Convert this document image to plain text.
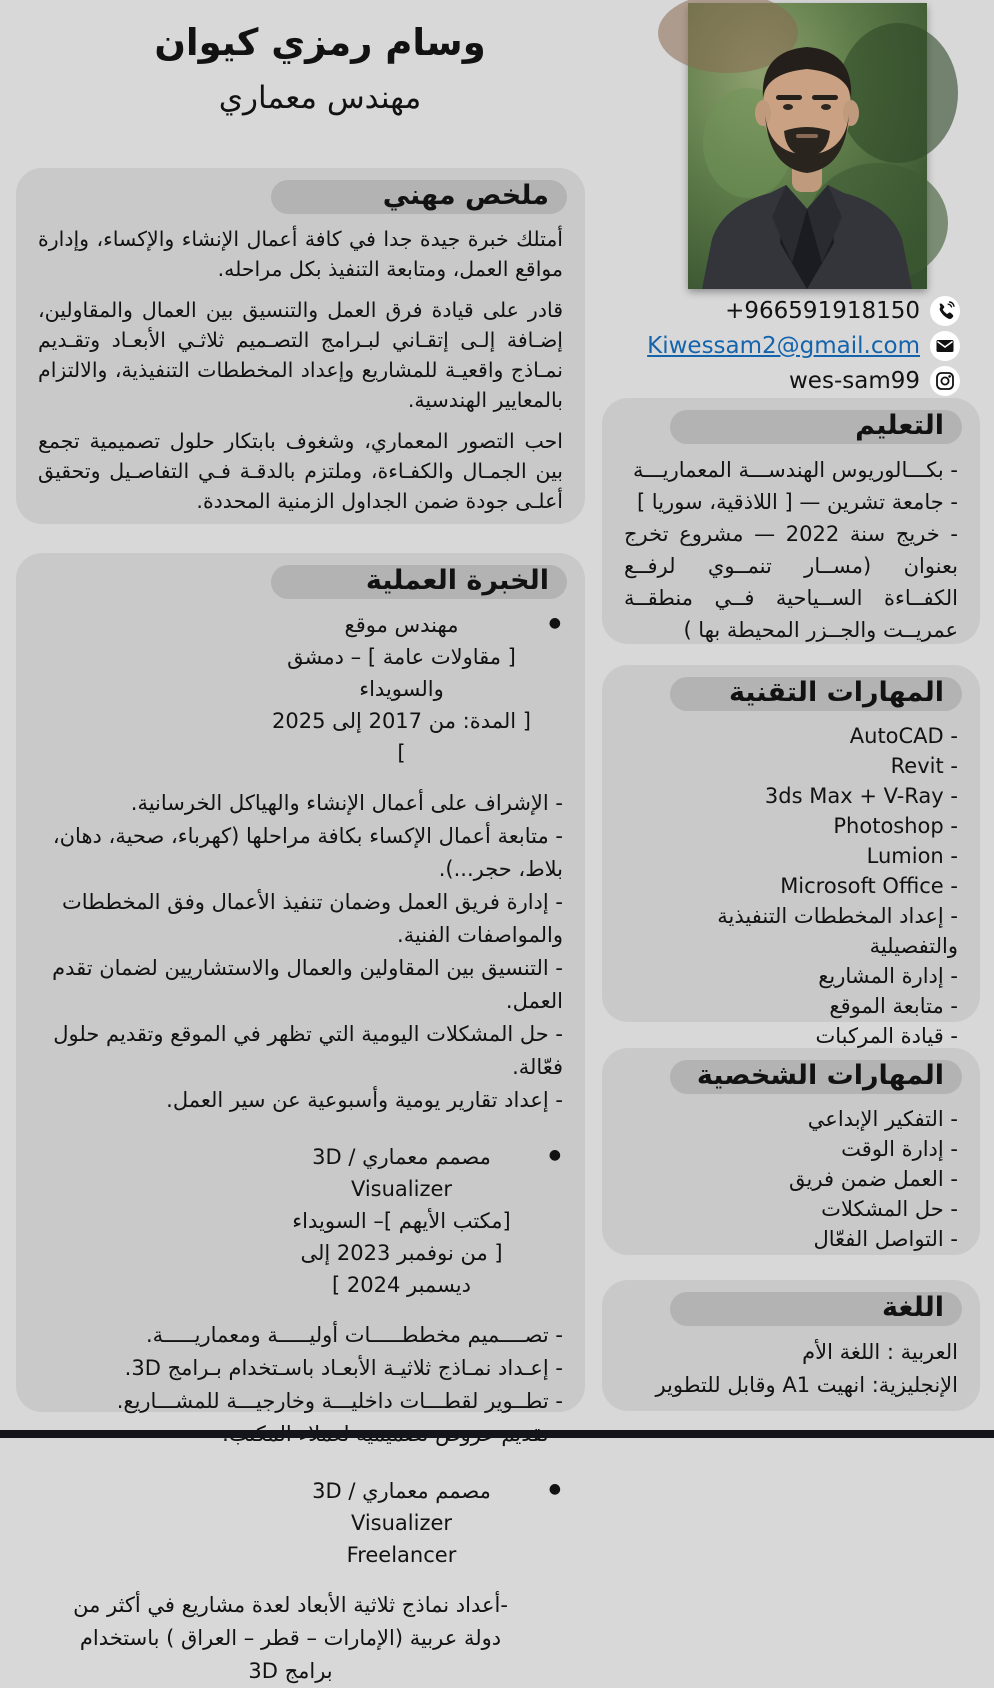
وسام رمزي كيوان
مهندس معماري
+966591918150
Kiwessam2@gmail.com
wes-sam99
ملخص مهني
أمتلك خبرة جيدة جدا في كافة أعمال الإنشاء والإكساء، وإدارة مواقع العمل، ومتابعة التنفيذ بكل مراحله.
قادر على قيادة فرق العمل والتنسيق بين العمال والمقاولين، إضـافة إلـى إتقـاني لبـرامج التصـميم ثلاثـي الأبعـاد وتقـديم نمـاذج واقعيـة للمشاريع وإعداد المخططات التنفيذية، والالتزام بالمعايير الهندسية.
احب التصور المعماري، وشغوف بابتكار حلول تصميمية تجمع بين الجمـال والكفـاءة، وملتزم بالدقـة فـي التفاصـيل وتحقيق أعلـى جودة ضمن الجداول الزمنية المحددة.
الخبرة العملية
●
مهندس موقع
[ مقاولات عامة ] – دمشق والسويداء
[ المدة: من 2017 إلى 2025 ]
- الإشراف على أعمال الإنشاء والهياكل الخرسانية.
- متابعة أعمال الإكساء بكافة مراحلها (كهرباء، صحية، دهان، بلاط، حجر...).
- إدارة فريق العمل وضمان تنفيذ الأعمال وفق المخططات والمواصفات الفنية.
- التنسيق بين المقاولين والعمال والاستشاريين لضمان تقدم العمل.
- حل المشكلات اليومية التي تظهر في الموقع وتقديم حلول فعّالة.
- إعداد تقارير يومية وأسبوعية عن سير العمل.
●
مصمم معماري / 3D Visualizer
[مكتب الأيهم ]– السويداء
[ من نوفمبر 2023 إلى ديسمبر 2024 ]
- تصــــميم مخططـــــات أوليـــــة ومعماريـــــة.
- إعـداد نمـاذج ثلاثيـة الأبعـاد باسـتخدام بـرامج 3D.
- تطــوير لقطـــات داخليـــة وخارجيـــة للمشـــاريع.
●
مصمم معماري / 3D Visualizer
Freelancer
-أعداد نماذج ثلاثية الأبعاد لعدة مشاريع في أكثر من دولة عربية (الإمارات – قطر – العراق ) باستخدام برامج 3D
التعليم
- بكـــالوريوس الهندســـة المعماريـــة
- جامعة تشرين — [ اللاذقية، سوريا ]
- خريج سنة 2022 — مشروع تخرج بعنوان (مســار تنمــوي لرفــع الكفــاءة الســياحية فــي منطقــة عمريــت والجــزر المحيطة بها )
المهارات التقنية
- AutoCAD
- Revit
- 3ds Max + V-Ray
- Photoshop
- Lumion
- Microsoft Office
- إعداد المخططات التنفيذية والتفصيلية
- إدارة المشاريع
- متابعة الموقع
- قيادة المركبات
المهارات الشخصية
- التفكير الإبداعي
- إدارة الوقت
- العمل ضمن فريق
- حل المشكلات
- التواصل الفعّال
اللغة
العربية : اللغة الأم
الإنجليزية: انهيت A1 وقابل للتطوير
